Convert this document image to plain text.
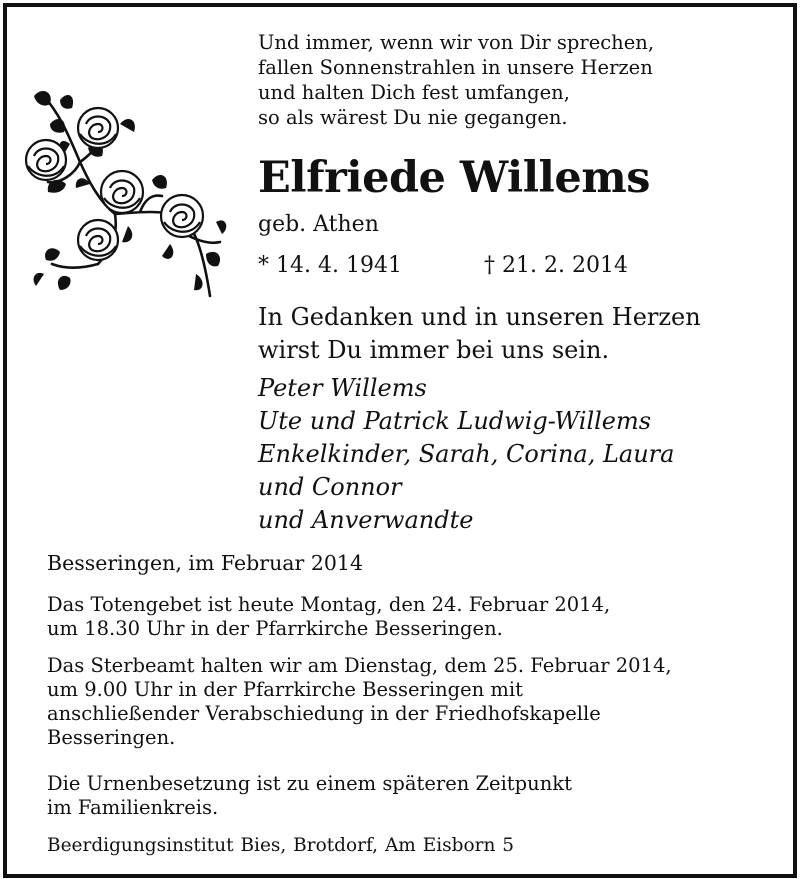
Und immer, wenn wir von Dir sprechen,
fallen Sonnenstrahlen in unsere Herzen
und halten Dich fest umfangen,
so als wärest Du nie gegangen.
Elfriede Willems
geb. Athen
* 14. 4. 1941	† 21. 2. 2014
In Gedanken und in unseren Herzen
wirst Du immer bei uns sein.
Peter Willems
Ute und Patrick Ludwig-Willems
Enkelkinder, Sarah, Corina, Laura
und Connor
und Anverwandte
Besseringen, im Februar 2014
Das Totengebet ist heute Montag, den 24. Februar 2014,
um 18.30 Uhr in der Pfarrkirche Besseringen.
Das Sterbeamt halten wir am Dienstag, dem 25. Februar 2014,
um 9.00 Uhr in der Pfarrkirche Besseringen mit
anschließender Verabschiedung in der Friedhofskapelle
Besseringen.
Die Urnenbesetzung ist zu einem späteren Zeitpunkt
im Familienkreis.
Beerdigungsinstitut Bies, Brotdorf, Am Eisborn 5
